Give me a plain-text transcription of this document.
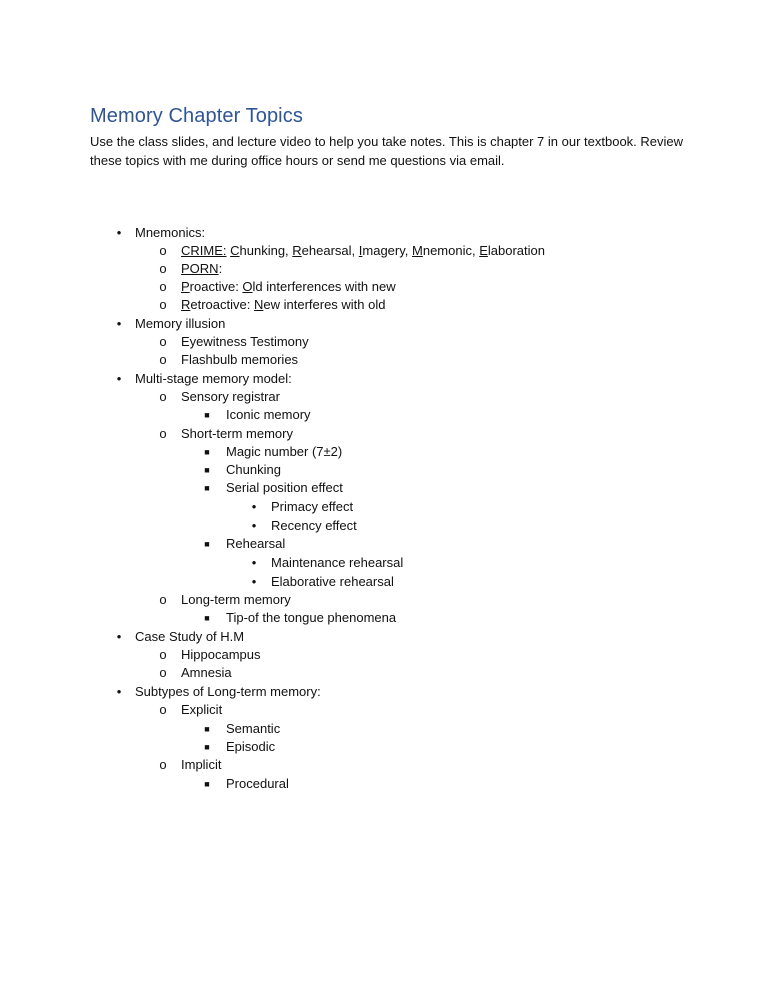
Memory Chapter Topics
Use the class slides, and lecture video to help you take notes. This is chapter 7 in our textbook. Review
these topics with me during office hours or send me questions via email.
•	Mnemonics:
o	CRIME: Chunking, Rehearsal, Imagery, Mnemonic, Elaboration
o	PORN:
o	Proactive: Old interferences with new
o	Retroactive: New interferes with old
•	Memory illusion
o	Eyewitness Testimony
o	Flashbulb memories
•	Multi-stage memory model:
o	Sensory registrar
■	Iconic memory
o	Short-term memory
■	Magic number (7±2)
■	Chunking
■	Serial position effect
•	Primacy effect
•	Recency effect
■	Rehearsal
•	Maintenance rehearsal
•	Elaborative rehearsal
o	Long-term memory
■	Tip-of the tongue phenomena
•	Case Study of H.M
o	Hippocampus
o	Amnesia
•	Subtypes of Long-term memory:
o	Explicit
■	Semantic
■	Episodic
o	Implicit
■	Procedural
